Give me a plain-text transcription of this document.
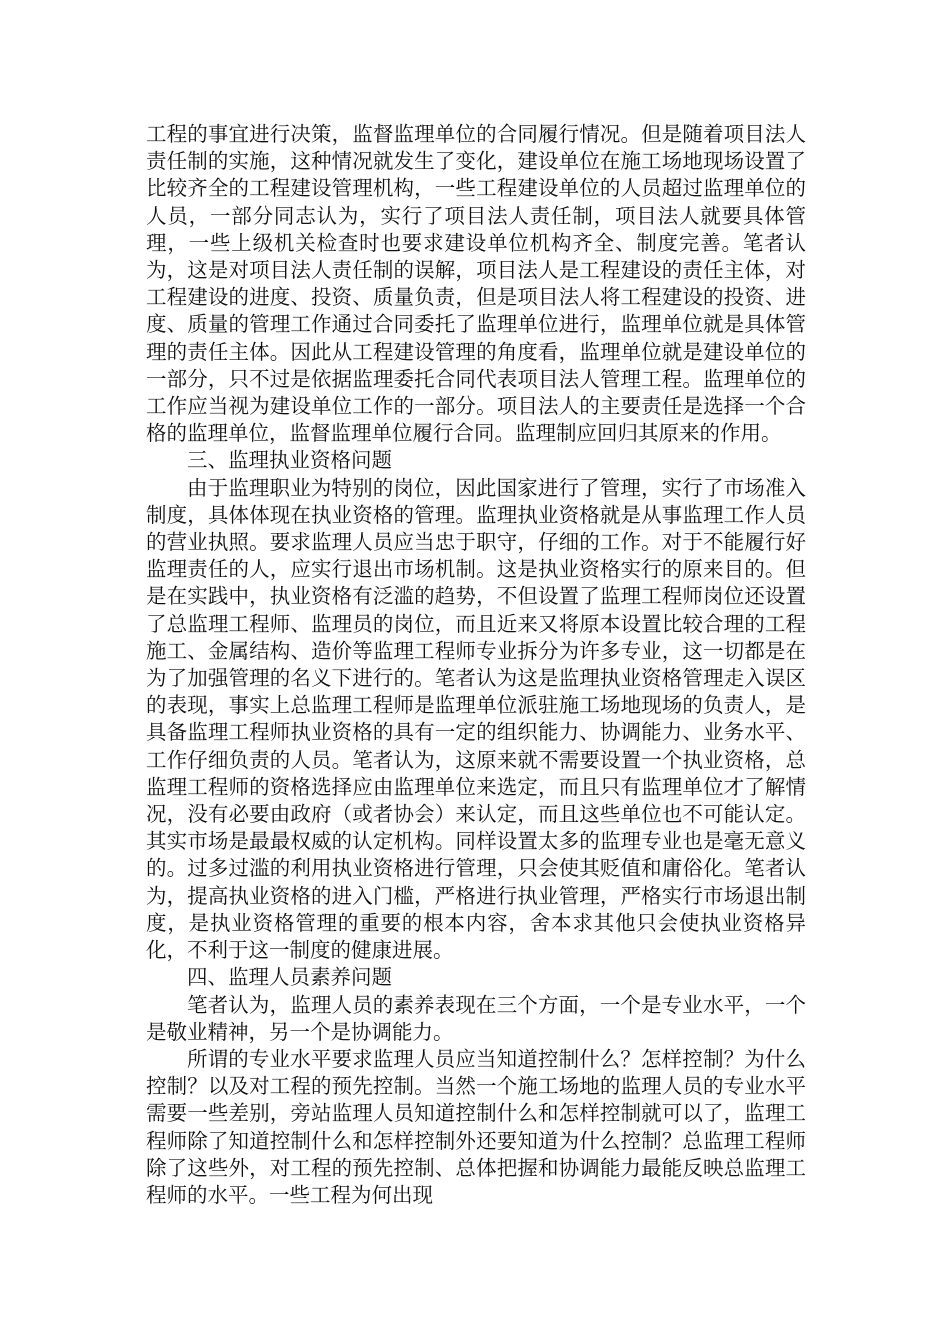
工程的事宜进行决策，监督监理单位的合同履行情况。但是随着项目法人责任制的实施，这种情况就发生了变化，建设单位在施工场地现场设置了比较齐全的工程建设管理机构，一些工程建设单位的人员超过监理单位的人员，一部分同志认为，实行了项目法人责任制，项目法人就要具体管理，一些上级机关检查时也要求建设单位机构齐全、制度完善。笔者认为，这是对项目法人责任制的误解，项目法人是工程建设的责任主体，对工程建设的进度、投资、质量负责，但是项目法人将工程建设的投资、进度、质量的管理工作通过合同委托了监理单位进行，监理单位就是具体管理的责任主体。因此从工程建设管理的角度看，监理单位就是建设单位的一部分，只不过是依据监理委托合同代表项目法人管理工程。监理单位的工作应当视为建设单位工作的一部分。项目法人的主要责任是选择一个合格的监理单位，监督监理单位履行合同。监理制应回归其原来的作用。

三、监理执业资格问题

由于监理职业为特别的岗位，因此国家进行了管理，实行了市场准入制度，具体体现在执业资格的管理。监理执业资格就是从事监理工作人员的营业执照。要求监理人员应当忠于职守，仔细的工作。对于不能履行好监理责任的人，应实行退出市场机制。这是执业资格实行的原来目的。但是在实践中，执业资格有泛滥的趋势，不但设置了监理工程师岗位还设置了总监理工程师、监理员的岗位，而且近来又将原本设置比较合理的工程施工、金属结构、造价等监理工程师专业拆分为许多专业，这一切都是在为了加强管理的名义下进行的。笔者认为这是监理执业资格管理走入误区的表现，事实上总监理工程师是监理单位派驻施工场地现场的负责人，是具备监理工程师执业资格的具有一定的组织能力、协调能力、业务水平、工作仔细负责的人员。笔者认为，这原来就不需要设置一个执业资格，总监理工程师的资格选择应由监理单位来选定，而且只有监理单位才了解情况，没有必要由政府（或者协会）来认定，而且这些单位也不可能认定。其实市场是最最权威的认定机构。同样设置太多的监理专业也是毫无意义的。过多过滥的利用执业资格进行管理，只会使其贬值和庸俗化。笔者认为，提高执业资格的进入门槛，严格进行执业管理，严格实行市场退出制度，是执业资格管理的重要的根本内容，舍本求其他只会使执业资格异化，不利于这一制度的健康进展。

四、监理人员素养问题

笔者认为，监理人员的素养表现在三个方面，一个是专业水平，一个是敬业精神，另一个是协调能力。

所谓的专业水平要求监理人员应当知道控制什么？怎样控制？为什么控制？以及对工程的预先控制。当然一个施工场地的监理人员的专业水平需要一些差别，旁站监理人员知道控制什么和怎样控制就可以了，监理工程师除了知道控制什么和怎样控制外还要知道为什么控制？总监理工程师除了这些外，对工程的预先控制、总体把握和协调能力最能反映总监理工程师的水平。一些工程为何出现
